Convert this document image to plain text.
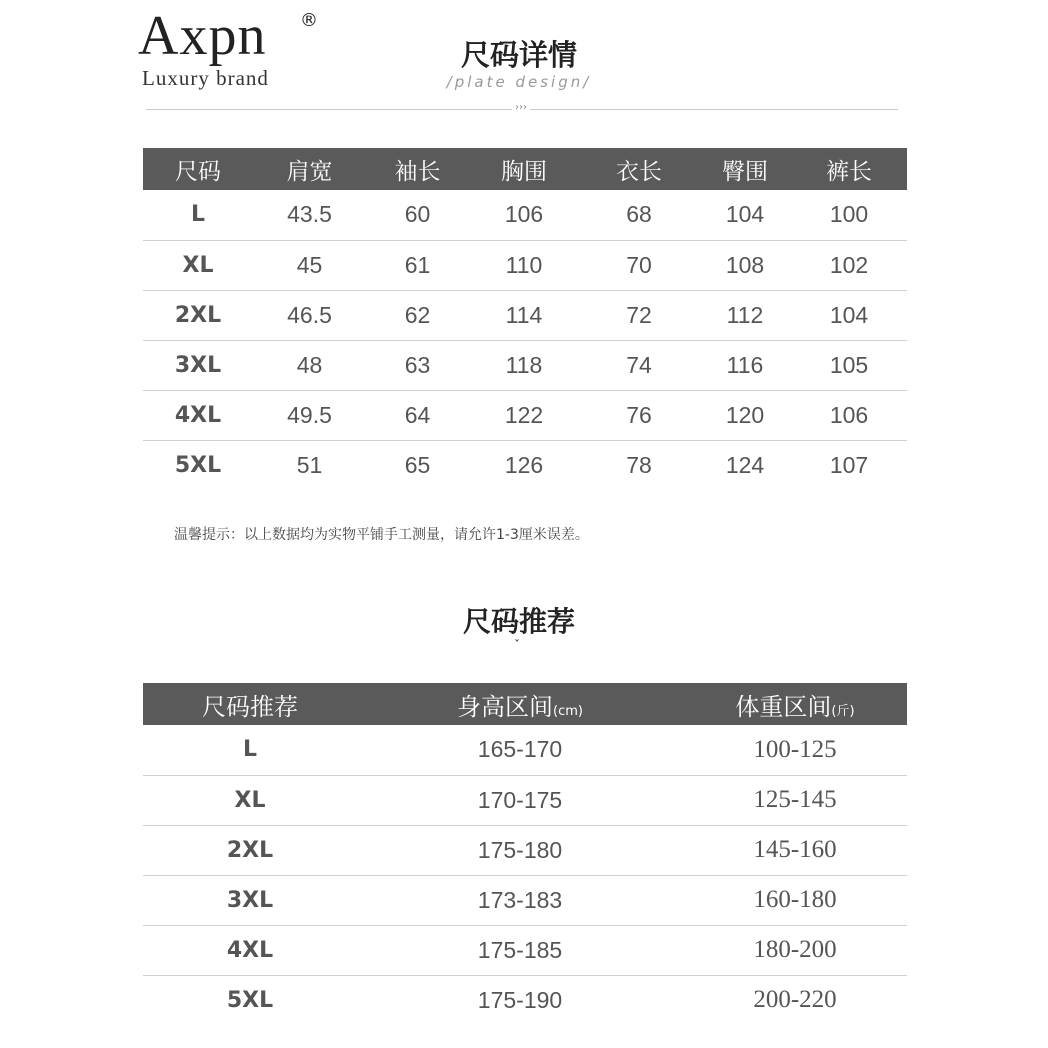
Axpn ®
Luxury brand
尺码详情
/plate design/
›››
尺码	肩宽	袖长	胸围	衣长	臀围	裤长
L	43.5	60	106	68	104	100
XL	45	61	110	70	108	102
2XL	46.5	62	114	72	112	104
3XL	48	63	118	74	116	105
4XL	49.5	64	122	76	120	106
5XL	51	65	126	78	124	107
温馨提示：以上数据均为实物平铺手工测量，请允许1-3厘米误差。
尺码推荐
ˇ
尺码推荐	身高区间(cm)	体重区间(斤)
L	165-170	100-125
XL	170-175	125-145
2XL	175-180	145-160
3XL	173-183	160-180
4XL	175-185	180-200
5XL	175-190	200-220
